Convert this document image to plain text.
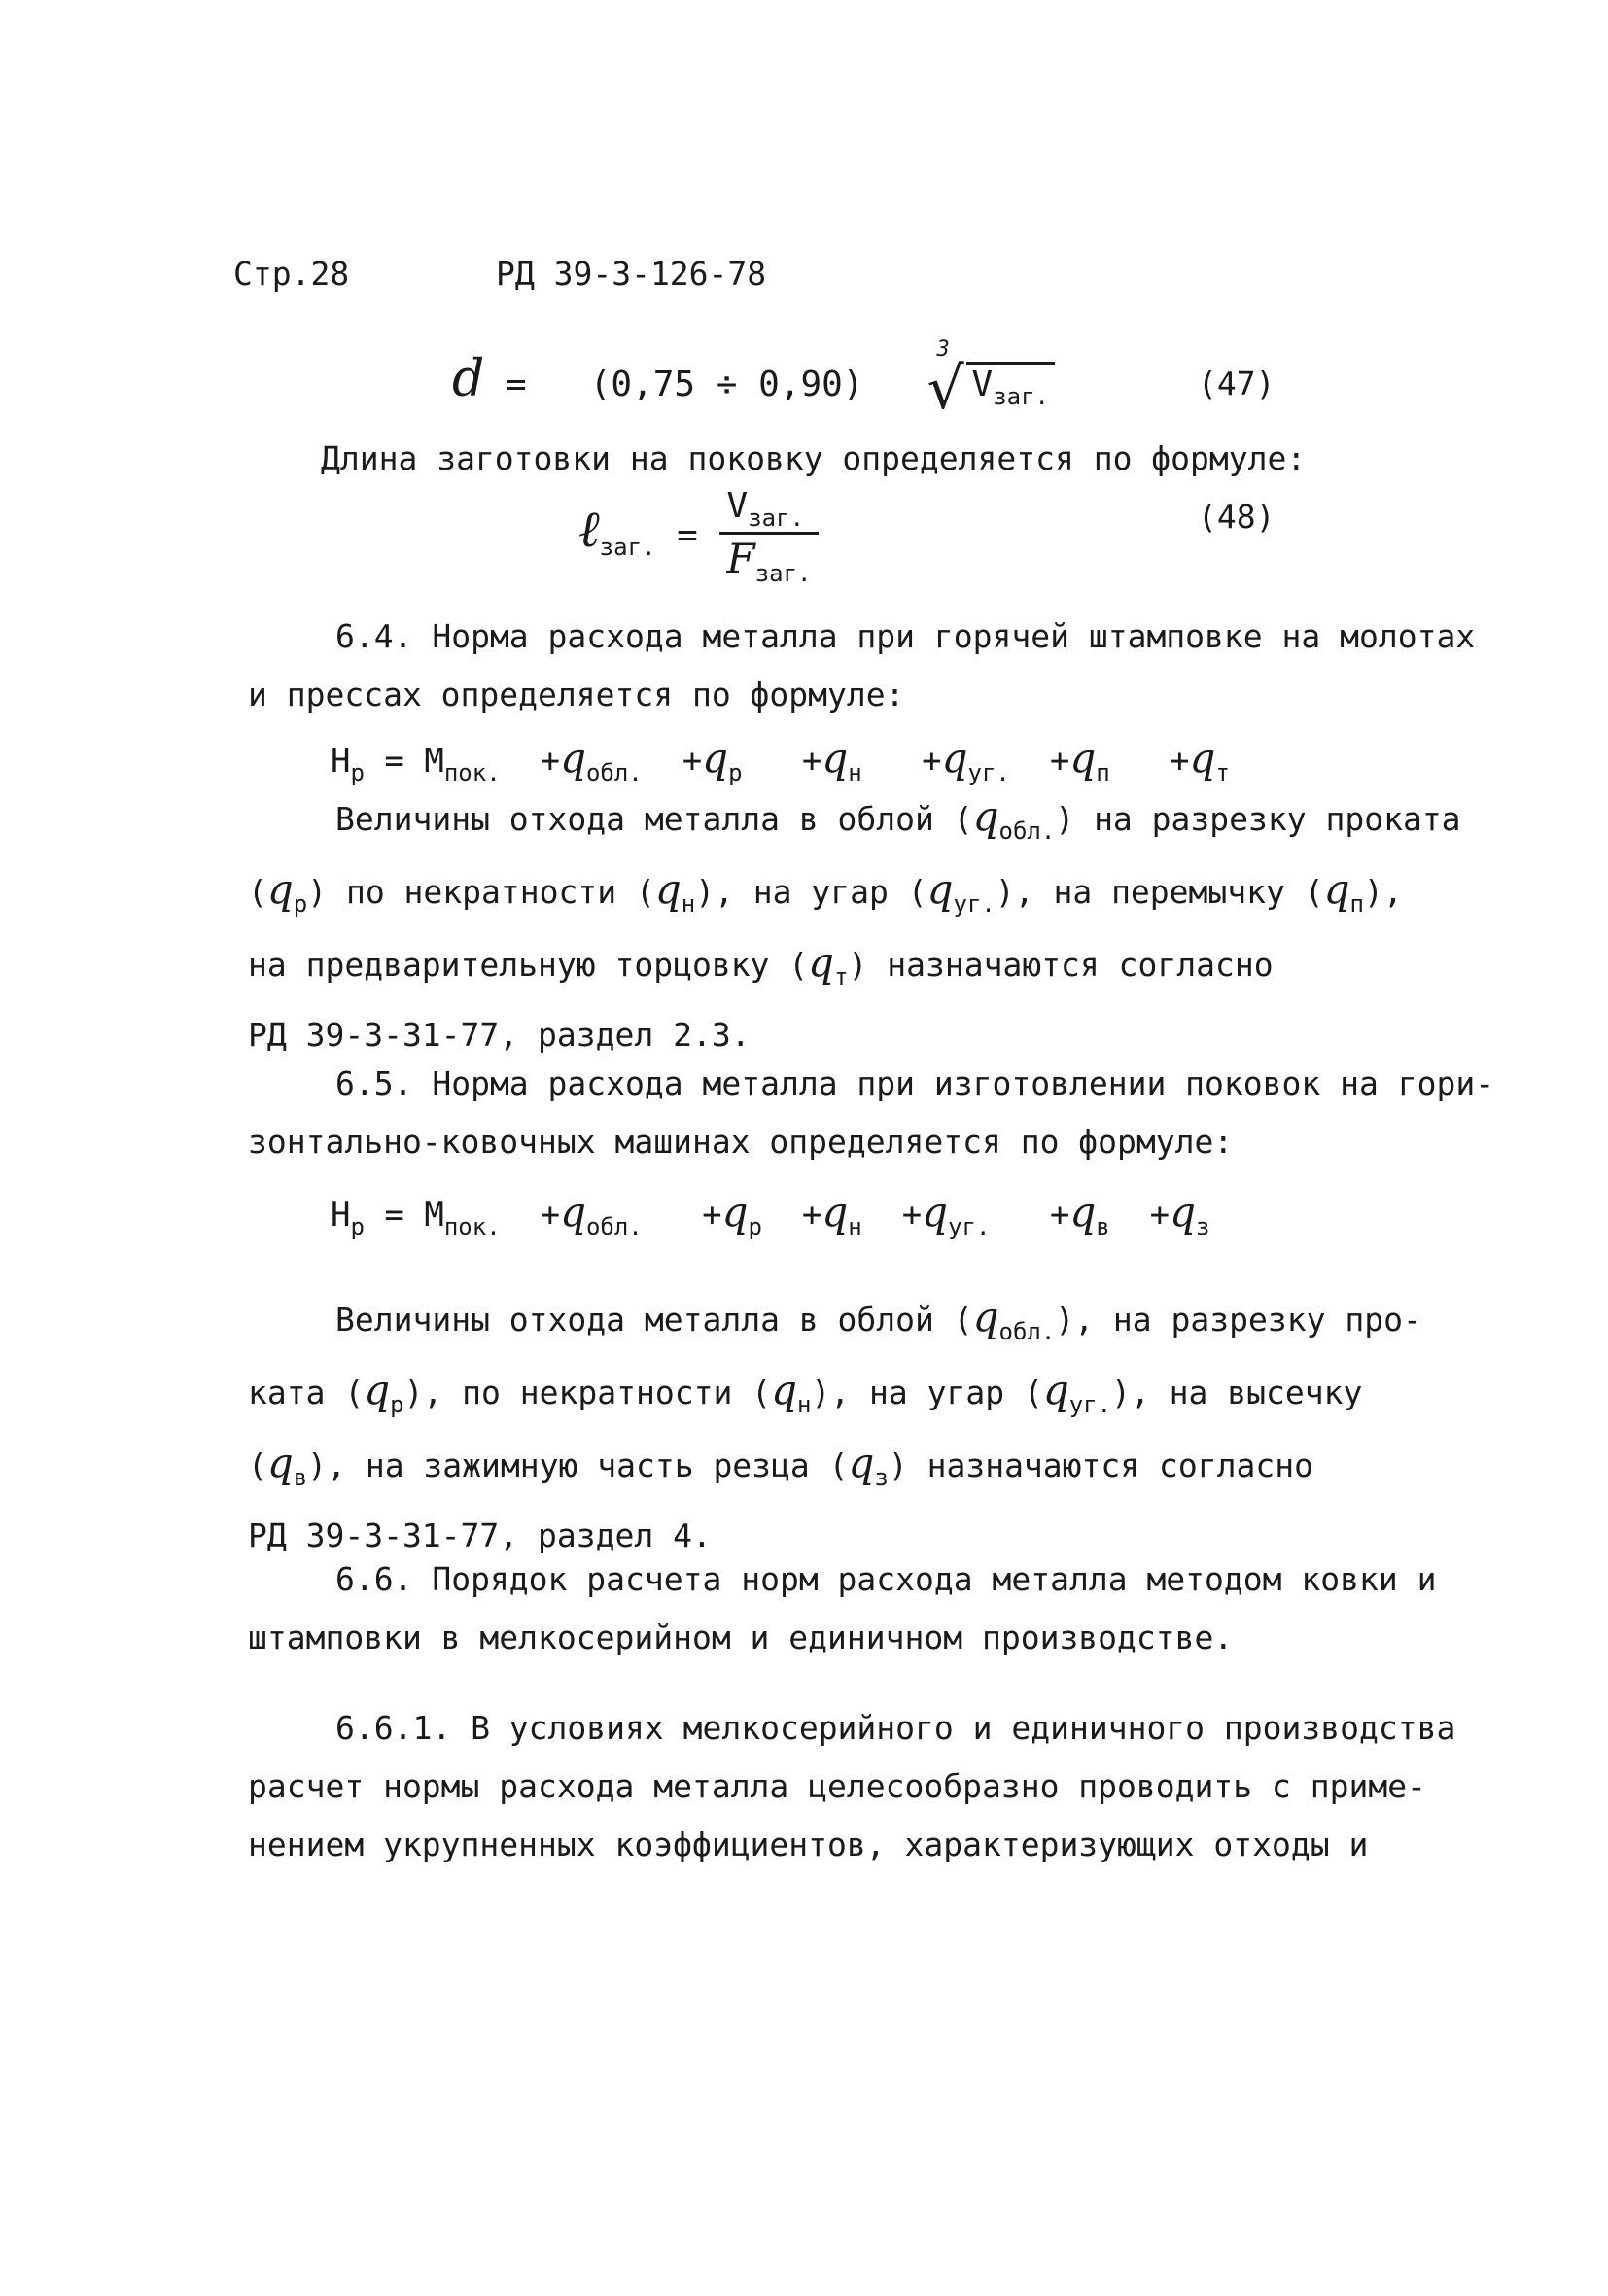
Стр.28	РД 39-3-126-78
d = (0,75 ÷ 0,90)
3
√ $V_{заг.}$	(47)
Длина заготовки на поковку определяется по формуле:
ℓ$_{заг.}$ = $\frac{V_{заг.}}{F_{заг.}}$	(48)
6.4. Норма расхода металла при горячей штамповке на молотах
и прессах определяется по формуле:
$Н_р = М_{пок.} +q_{обл.} +q_р +q_н +q_{уг.} +q_п +q_т$
Величины отхода металла в облой $(q_{обл.})$ на разрезку проката
$(q_р)$ по некратности $(q_н)$, на угар $(q_{уг.})$, на перемычку $(q_п)$,
на предварительную торцовку $(q_т)$ назначаются согласно
РД 39-3-31-77, раздел 2.3.
6.5. Норма расхода металла при изготовлении поковок на гори-
зонтально-ковочных машинах определяется по формуле:
$Н_р = М_{пок.} +q_{обл.} +q_р +q_н +q_{уг.} +q_в +q_з$
Величины отхода металла в облой $(q_{обл.})$, на разрезку про-
ката $(q_р)$, по некратности $(q_н)$, на угар $(q_{уг.})$, на высечку
$(q_в)$, на зажимную часть резца $(q_з)$ назначаются согласно
РД 39-3-31-77, раздел 4.
6.6. Порядок расчета норм расхода металла методом ковки и
штамповки в мелкосерийном и единичном производстве.
6.6.1. В условиях мелкосерийного и единичного производства
расчет нормы расхода металла целесообразно проводить с приме-
нением укрупненных коэффициентов, характеризующих отходы и
